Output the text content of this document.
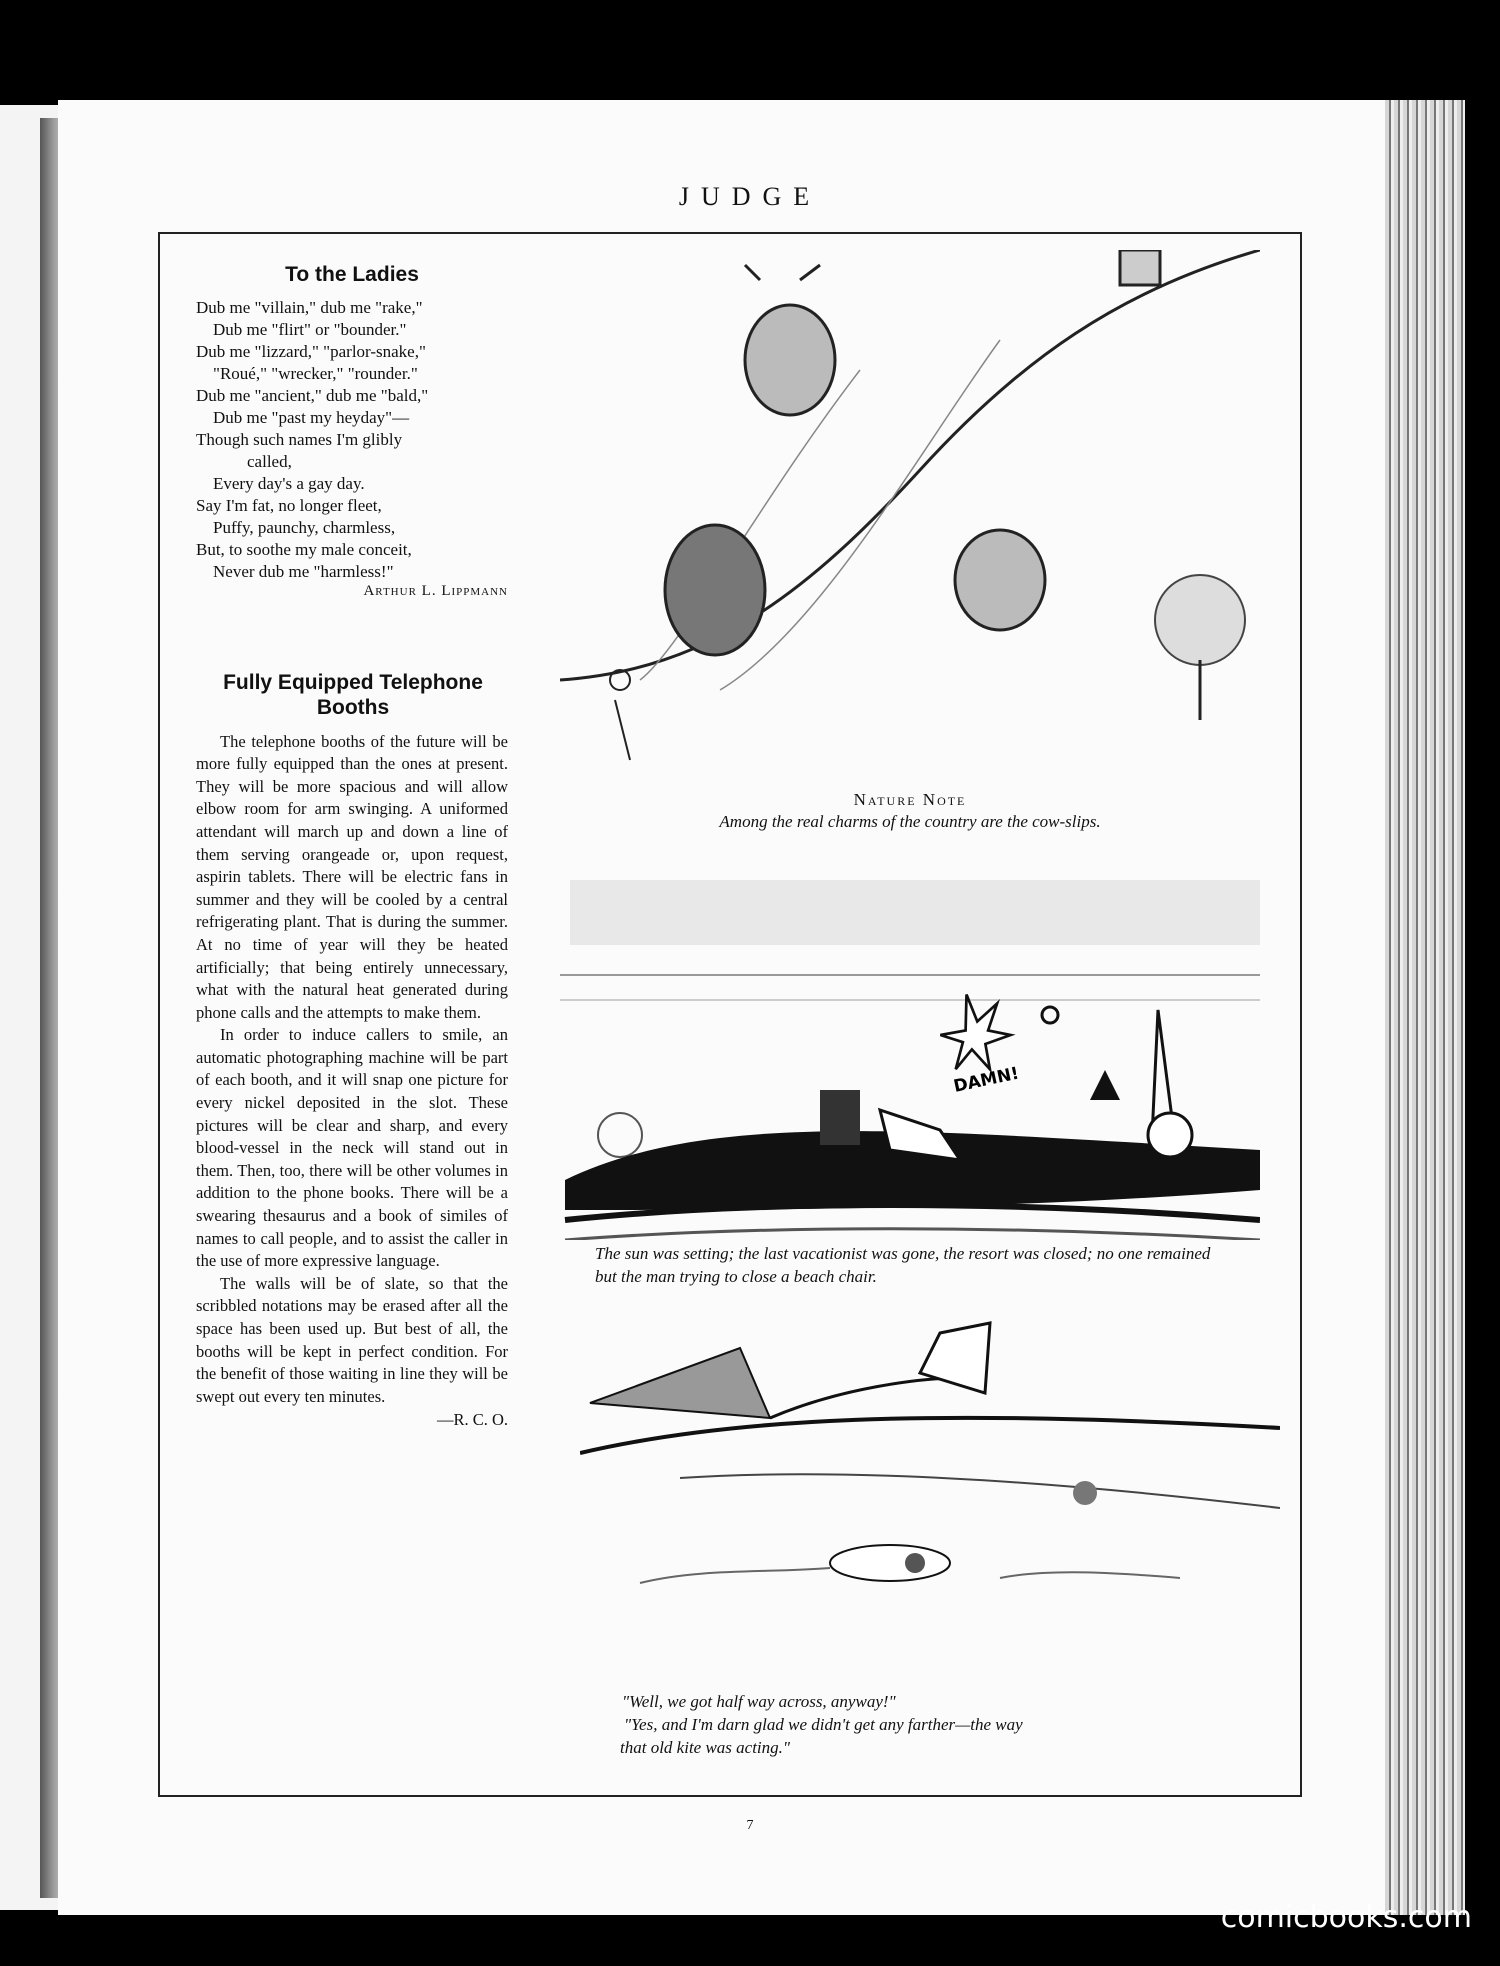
JUDGE
To the Ladies
Dub me "villain," dub me "rake,"
Dub me "flirt" or "bounder."
Dub me "lizzard," "parlor-snake,"
"Roué," "wrecker," "rounder."
Dub me "ancient," dub me "bald,"
Dub me "past my heyday"—
Though such names I'm glibly
called,
Every day's a gay day.
Say I'm fat, no longer fleet,
Puffy, paunchy, charmless,
But, to soothe my male conceit,
Never dub me "harmless!"
Arthur L. Lippmann
Fully Equipped Telephone Booths

The telephone booths of the future will be more fully equipped than the ones at present. They will be more spacious and will allow elbow room for arm swinging. A uniformed attendant will march up and down a line of them serving orangeade or, upon request, aspirin tablets. There will be electric fans in summer and they will be cooled by a central refrigerating plant. That is during the summer. At no time of year will they be heated artificially; that being entirely unnecessary, what with the natural heat generated during phone calls and the attempts to make them.

In order to induce callers to smile, an automatic photographing machine will be part of each booth, and it will snap one picture for every nickel deposited in the slot. These pictures will be clear and sharp, and every blood-vessel in the neck will stand out in them. Then, too, there will be other volumes in addition to the phone books. There will be a swearing thesaurus and a book of similes of names to call people, and to assist the caller in the use of more expressive language.

The walls will be of slate, so that the scribbled notations may be erased after all the space has been used up. But best of all, the booths will be kept in perfect condition. For the benefit of those waiting in line they will be swept out every ten minutes.

—R. C. O.
Nature Note
Among the real charms of the country are the cow-slips.
DAMN!
The sun was setting; the last vacationist was gone, the resort was closed; no one remained but the man trying to close a beach chair.
"Well, we got half way across, anyway!"
"Yes, and I'm darn glad we didn't get any farther—the way
that old kite was acting."
7
comicbooks.com
